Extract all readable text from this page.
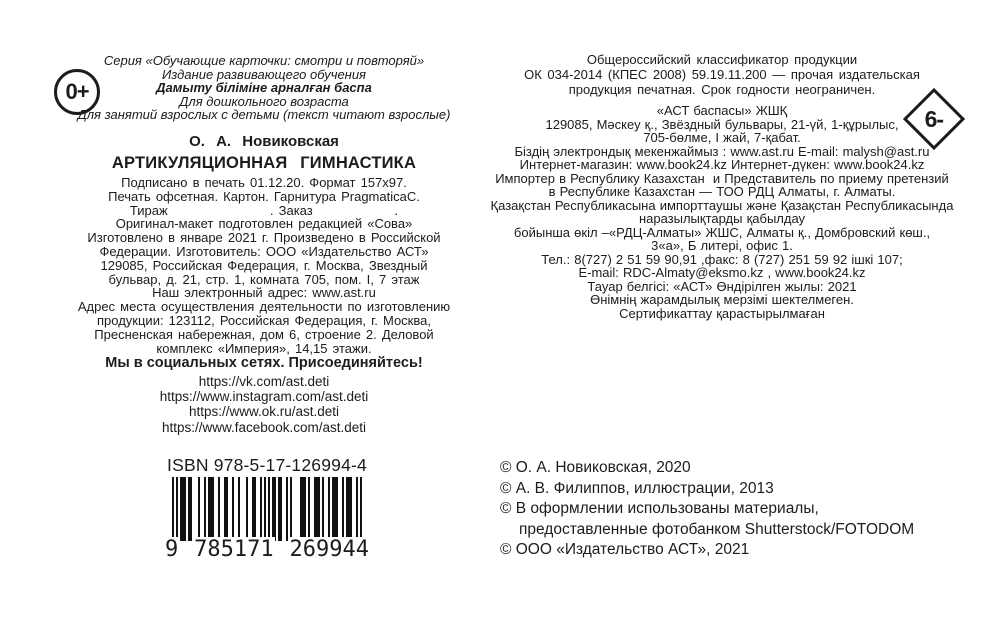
0+
6-
Серия «Обучающие карточки: смотри и повторяй»
Издание развивающего обучения
Дамыту біліміне арналған баспа
Для дошкольного возраста
Для занятий взрослых с детьми (текст читают взрослые)
О. А. Новиковская
АРТИКУЛЯЦИОННАЯ ГИМНАСТИКА
Подписано в печать 01.12.20. Формат 157х97.
Печать офсетная. Картон. Гарнитура PragmaticaС.
Тираж                    . Заказ                .
Оригинал-макет подготовлен редакцией «Сова»
Изготовлено в январе 2021 г. Произведено в Российской
Федерации. Изготовитель: ООО «Издательство АСТ»
129085, Российская Федерация, г. Москва, Звездный
бульвар, д. 21, стр. 1, комната 705, пом. I, 7 этаж
Наш электронный адрес: www.ast.ru
Адрес места осуществления деятельности по изготовлению
продукции: 123112, Российская Федерация, г. Москва,
Пресненская набережная, дом 6, строение 2. Деловой
комплекс «Империя», 14,15 этажи.
Мы в социальных сетях. Присоединяйтесь!
https://vk.com/ast.deti
https://www.instagram.com/ast.deti
https://www.ok.ru/ast.deti
https://www.facebook.com/ast.deti
ISBN 978-5-17-126994-4
9 785171 269944
Общероссийский классификатор продукции
ОК 034-2014 (КПЕС 2008) 59.19.11.200 — прочая издательская
продукция печатная. Срок годности неограничен.
«АСТ баспасы» ЖШҚ
129085, Мәскеу қ., Звёздный бульвары, 21-үй, 1-құрылыс,
705-бөлме, I жай, 7-қабат.
Біздің электрондық мекенжаймыз : www.ast.ru E-mail: malysh@ast.ru
Интернет-магазин: www.book24.kz Интернет-дүкен: www.book24.kz
Импортер в Республику Казахстан  и Представитель по приему претензий
в Республике Казахстан — ТОО РДЦ Алматы, г. Алматы.
Қазақстан Республикасына импорттаушы және Қазақстан Республикасында
наразылықтарды қабылдау
бойынша өкіл –«РДЦ-Алматы» ЖШС, Алматы қ., Домбровский көш.,
3«а», Б литері, офис 1.
Тел.: 8(727) 2 51 59 90,91 ,факс: 8 (727) 251 59 92 ішкі 107;
E-mail: RDC-Almaty@eksmo.kz , www.book24.kz
Тауар белгісі: «АСТ» Өндірілген жылы: 2021
Өнімнің жарамдылық мерзімі шектелмеген.
Сертификаттау қарастырылмаған
© О. А. Новиковская, 2020
© А. В. Филиппов, иллюстрации, 2013
© В оформлении использованы материалы,
предоставленные фотобанком Shutterstock/FOTODOM
© ООО «Издательство АСТ», 2021
